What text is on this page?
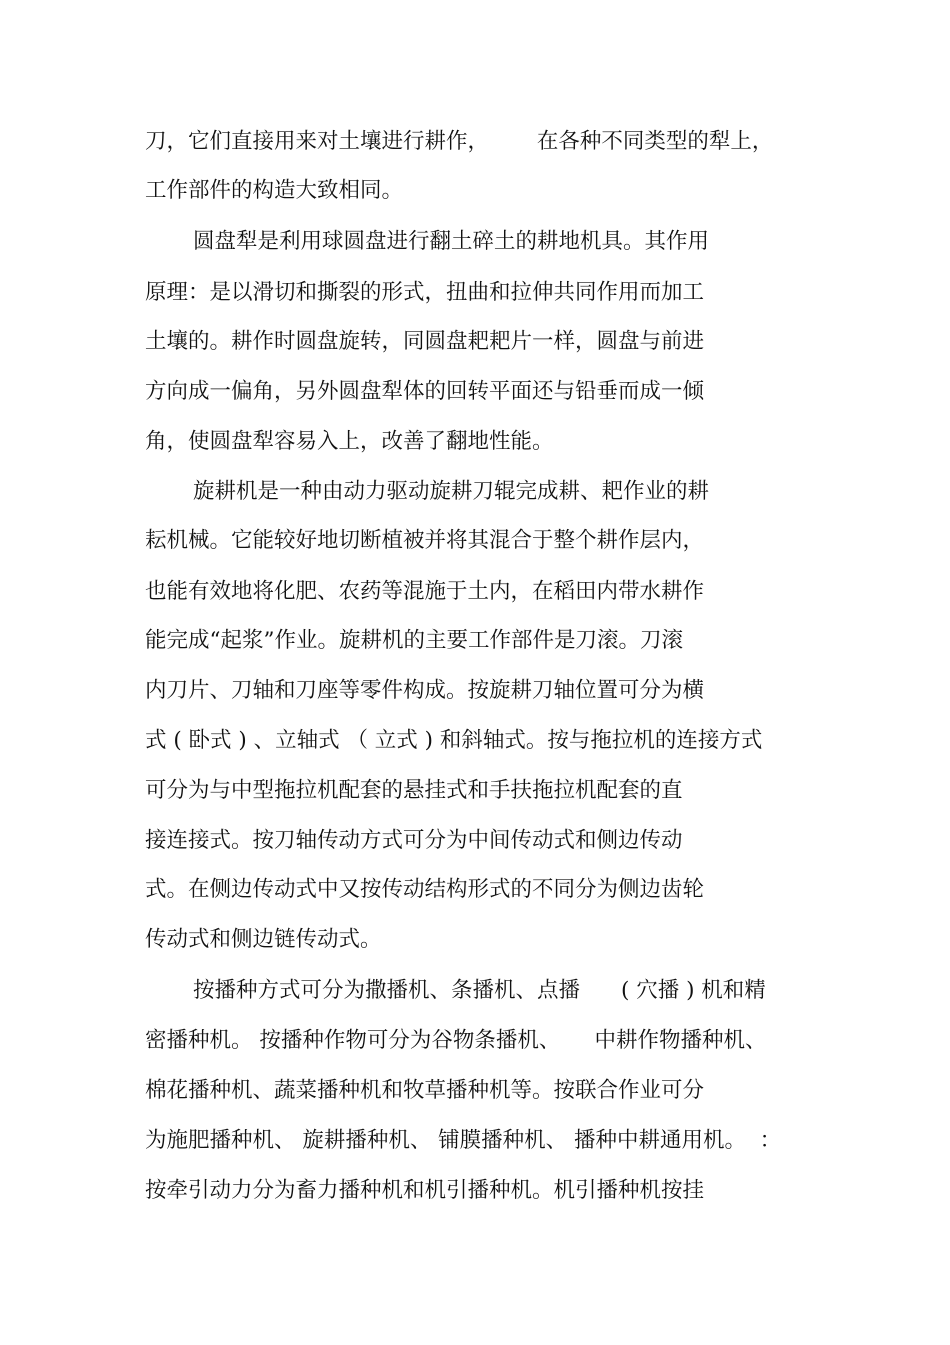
刀，它们直接用来对土壤进行耕作，       在各种不同类型的犁上，
工作部件的构造大致相同。
圆盘犁是利用球圆盘进行翻土碎土的耕地机具。其作用
原理：是以滑切和撕裂的形式，扭曲和拉伸共同作用而加工
土壤的。耕作时圆盘旋转，同圆盘耙耙片一样，圆盘与前进
方向成一偏角，另外圆盘犁体的回转平面还与铅垂而成一倾
角，使圆盘犁容易入上，改善了翻地性能。
旋耕机是一种由动力驱动旋耕刀辊完成耕、耙作业的耕
耘机械。它能较好地切断植被并将其混合于整个耕作层内，
也能有效地将化肥、农药等混施于土内，在稻田内带水耕作
能完成“起浆”作业。旋耕机的主要工作部件是刀滚。刀滚
内刀片、刀轴和刀座等零件构成。按旋耕刀轴位置可分为横
式 ( 卧式 ) 、立轴式 （ 立式 ) 和斜轴式。按与拖拉机的连接方式
可分为与中型拖拉机配套的悬挂式和手扶拖拉机配套的直
接连接式。按刀轴传动方式可分为中间传动式和侧边传动
式。在侧边传动式中又按传动结构形式的不同分为侧边齿轮
传动式和侧边链传动式。
按播种方式可分为撒播机、条播机、点播      ( 穴播 ) 机和精
密播种机。 按播种作物可分为谷物条播机、     中耕作物播种机、
棉花播种机、蔬菜播种机和牧草播种机等。按联合作业可分
为施肥播种机、 旋耕播种机、 铺膜播种机、 播种中耕通用机。  ：
按牵引动力分为畜力播种机和机引播种机。机引播种机按挂
